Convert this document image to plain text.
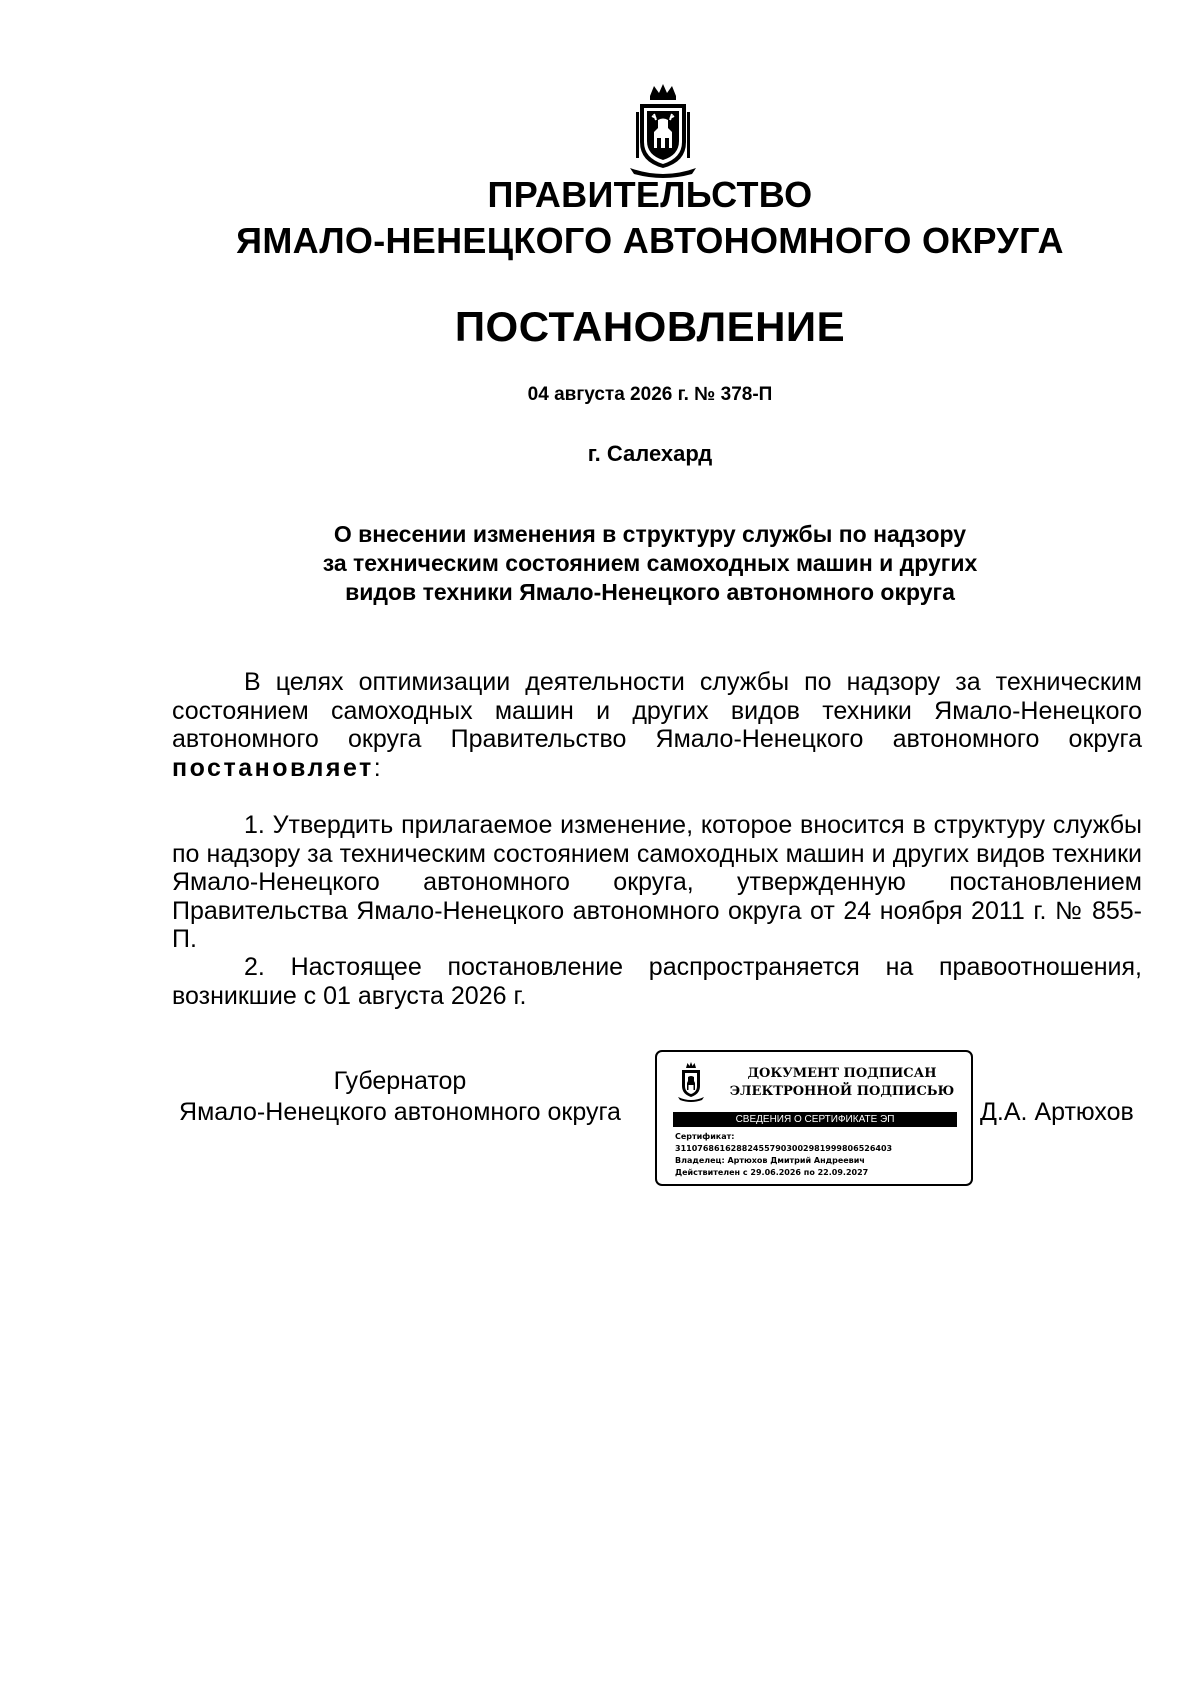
ПРАВИТЕЛЬСТВО
ЯМАЛО-НЕНЕЦКОГО АВТОНОМНОГО ОКРУГА
ПОСТАНОВЛЕНИЕ
04 августа 2026 г. № 378-П
г. Салехард
О внесении изменения в структуру службы по надзору
за техническим состоянием самоходных машин и других
видов техники Ямало-Ненецкого автономного округа
В целях оптимизации деятельности службы по надзору за техническим состоянием самоходных машин и других видов техники Ямало-Ненецкого автономного округа Правительство Ямало-Ненецкого автономного округа постановляет:
1. Утвердить прилагаемое изменение, которое вносится в структуру службы по надзору за техническим состоянием самоходных машин и других видов техники Ямало-Ненецкого автономного округа, утвержденную постановлением Правительства Ямало-Ненецкого автономного округа от 24 ноября 2011 г. № 855-П.
2. Настоящее постановление распространяется на правоотношения, возникшие с 01 августа 2026 г.
Губернатор
Ямало-Ненецкого автономного округа
ДОКУМЕНТ ПОДПИСАН
ЭЛЕКТРОННОЙ ПОДПИСЬЮ
СВЕДЕНИЯ О СЕРТИФИКАТЕ ЭП
Сертификат:
311076861628824557903002981999806526403
Владелец: Артюхов Дмитрий Андреевич
Действителен с 29.06.2026 по 22.09.2027
Д.А. Артюхов
